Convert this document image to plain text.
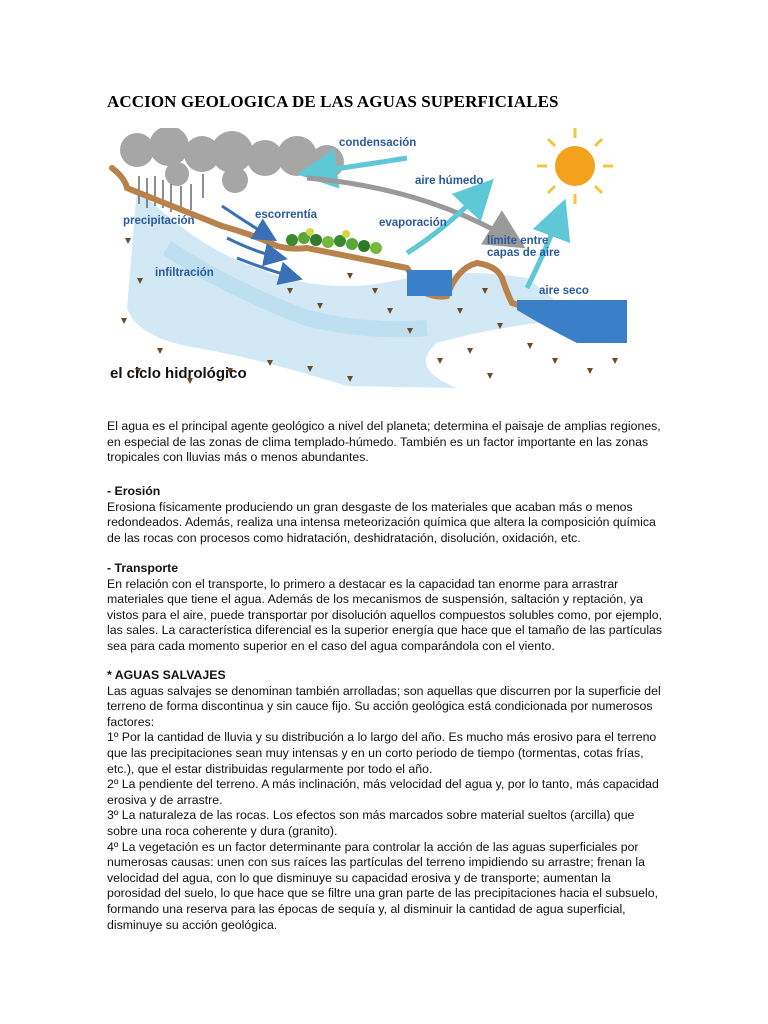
ACCION GEOLOGICA DE LAS AGUAS SUPERFICIALES
condensación
aire húmedo
precipitación	escorrentía
evaporación
límite entre
capas de aire
infiltración
aire seco
el ciclo hidrológico

El agua es el principal agente geológico a nivel del planeta; determina el paisaje de amplias regiones, en especial de las zonas de clima templado-húmedo. También es un factor importante en las zonas tropicales con lluvias más o menos abundantes.

- Erosión

Erosiona físicamente produciendo un gran desgaste de los materiales que acaban más o menos redondeados. Además, realiza una intensa meteorización química que altera la composición química de las rocas con procesos como hidratación, deshidratación, disolución, oxidación, etc.

- Transporte

En relación con el transporte, lo primero a destacar es la capacidad tan enorme para arrastrar materiales que tiene el agua. Además de los mecanismos de suspensión, saltación y reptación, ya vistos para el aire, puede transportar por disolución aquellos compuestos solubles como, por ejemplo, las sales. La característica diferencial es la superior energía que hace que el tamaño de las partículas sea para cada momento superior en el caso del agua comparándola con el viento.

* AGUAS SALVAJES

Las aguas salvajes se denominan también arrolladas; son aquellas que discurren por la superficie del terreno de forma discontinua y sin cauce fijo. Su acción geológica está condicionada por numerosos factores:

1º Por la cantidad de lluvia y su distribución a lo largo del año. Es mucho más erosivo para el terreno que las precipitaciones sean muy intensas y en un corto periodo de tiempo (tormentas, cotas frías, etc.), que el estar distribuidas regularmente por todo el año.

2º La pendiente del terreno. A más inclinación, más velocidad del agua y, por lo tanto, más capacidad erosiva y de arrastre.

3º La naturaleza de las rocas. Los efectos son más marcados sobre material sueltos (arcilla) que sobre una roca coherente y dura (granito).

4º La vegetación es un factor determinante para controlar la acción de las aguas superficiales por numerosas causas: unen con sus raíces las partículas del terreno impidiendo su arrastre; frenan la velocidad del agua, con lo que disminuye su capacidad erosiva y de transporte; aumentan la porosidad del suelo, lo que hace que se filtre una gran parte de las precipitaciones hacia el subsuelo, formando una reserva para las épocas de sequía y, al disminuir la cantidad de agua superficial, disminuye su acción geológica.
